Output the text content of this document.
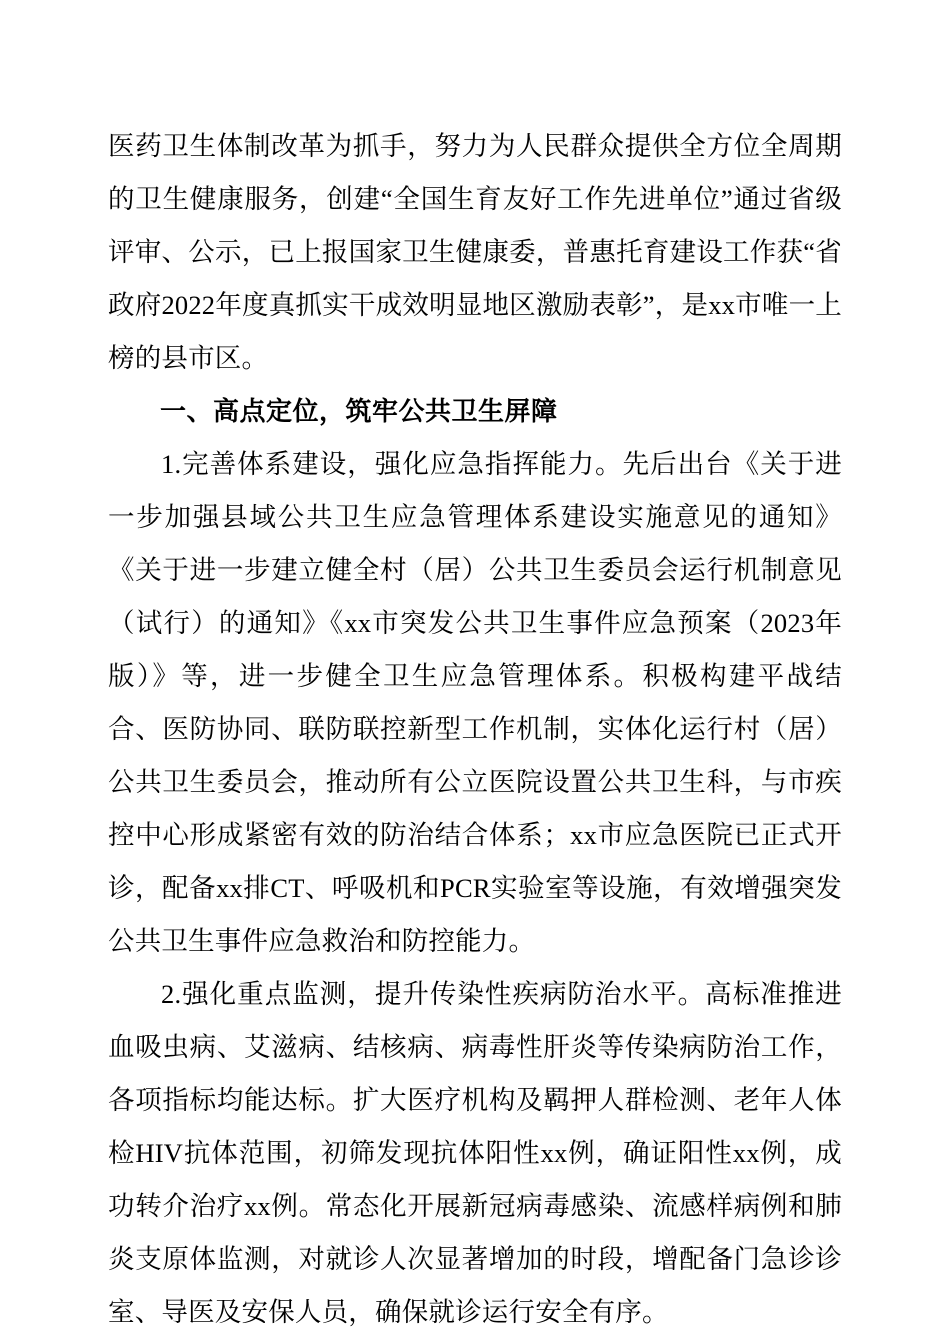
医药卫生体制改革为抓手，努力为人民群众提供全方位全周期的卫生健康服务，创建“全国生育友好工作先进单位”通过省级评审、公示，已上报国家卫生健康委，普惠托育建设工作获“省政府2022年度真抓实干成效明显地区激励表彰”，是xx市唯一上榜的县市区。

一、高点定位，筑牢公共卫生屏障

1.完善体系建设，强化应急指挥能力。先后出台《关于进一步加强县域公共卫生应急管理体系建设实施意见的通知》《关于进一步建立健全村（居）公共卫生委员会运行机制意见（试行）的通知》《xx市突发公共卫生事件应急预案（2023年版）》等，进一步健全卫生应急管理体系。积极构建平战结合、医防协同、联防联控新型工作机制，实体化运行村（居）公共卫生委员会，推动所有公立医院设置公共卫生科，与市疾控中心形成紧密有效的防治结合体系；xx市应急医院已正式开诊，配备xx排CT、呼吸机和PCR实验室等设施，有效增强突发公共卫生事件应急救治和防控能力。

2.强化重点监测，提升传染性疾病防治水平。高标准推进血吸虫病、艾滋病、结核病、病毒性肝炎等传染病防治工作，各项指标均能达标。扩大医疗机构及羁押人群检测、老年人体检HIV抗体范围，初筛发现抗体阳性xx例，确证阳性xx例，成功转介治疗xx例。常态化开展新冠病毒感染、流感样病例和肺炎支原体监测，对就诊人次显著增加的时段，增配备门急诊诊室、导医及安保人员，确保就诊运行安全有序。
